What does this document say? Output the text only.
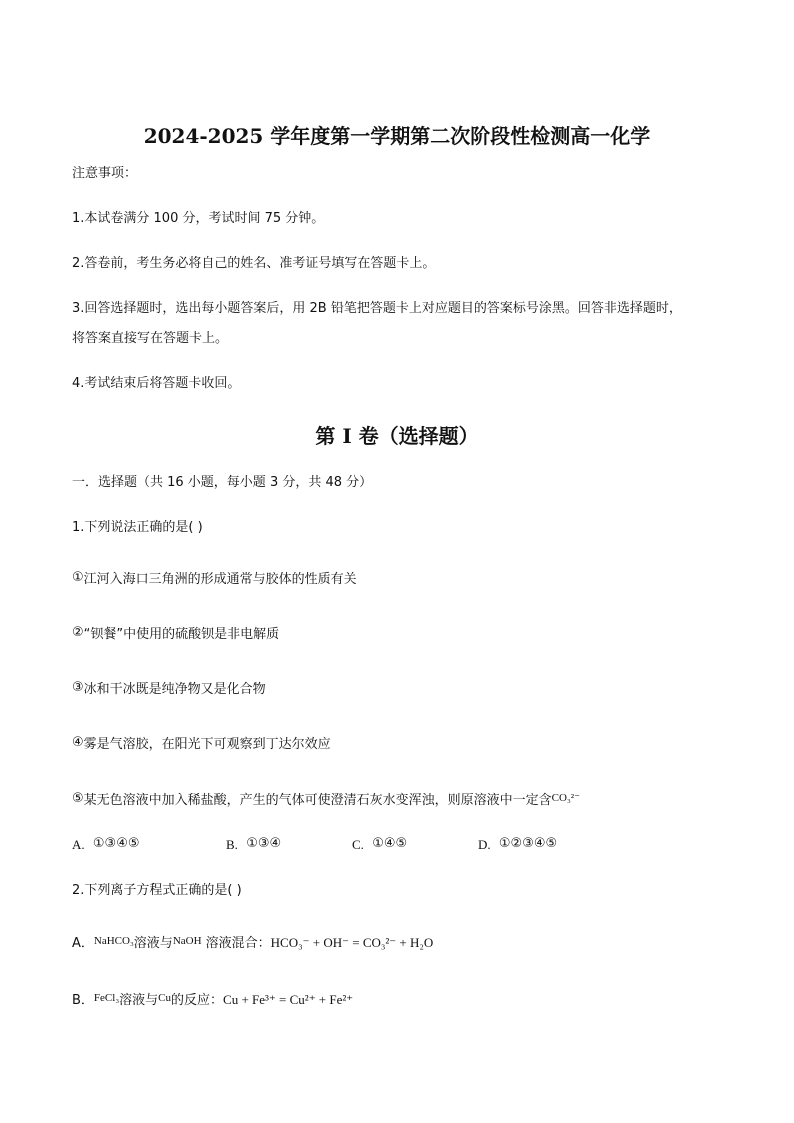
2024-2025 学年度第一学期第二次阶段性检测高一化学
注意事项：
1.本试卷满分 100 分，考试时间 75 分钟。
2.答卷前，考生务必将自己的姓名、准考证号填写在答题卡上。
3.回答选择题时，选出每小题答案后，用 2B 铅笔把答题卡上对应题目的答案标号涂黑。回答非选择题时，
将答案直接写在答题卡上。
4.考试结束后将答题卡收回。
第 I 卷（选择题）
一．选择题（共 16 小题，每小题 3 分，共 48 分）
1.下列说法正确的是( )
①江河入海口三角洲的形成通常与胶体的性质有关
②“钡餐”中使用的硫酸钡是非电解质
③冰和干冰既是纯净物又是化合物
④雾是气溶胶，在阳光下可观察到丁达尔效应
⑤某无色溶液中加入稀盐酸，产生的气体可使澄清石灰水变浑浊，则原溶液中一定含$^{CO_3^{2-}}$
A. ①③④⑤	B. ①③④	C. ①④⑤	D. ①②③④⑤
2.下列离子方程式正确的是( )
A．$^{NaHCO_3}$溶液与$^{NaOH}$ 溶液混合：HCO₃⁻ + OH⁻ = CO₃²⁻ + H₂O
B．$^{FeCl_3}$溶液与$^{Cu}$的反应：Cu + Fe³⁺ = Cu²⁺ + Fe²⁺
